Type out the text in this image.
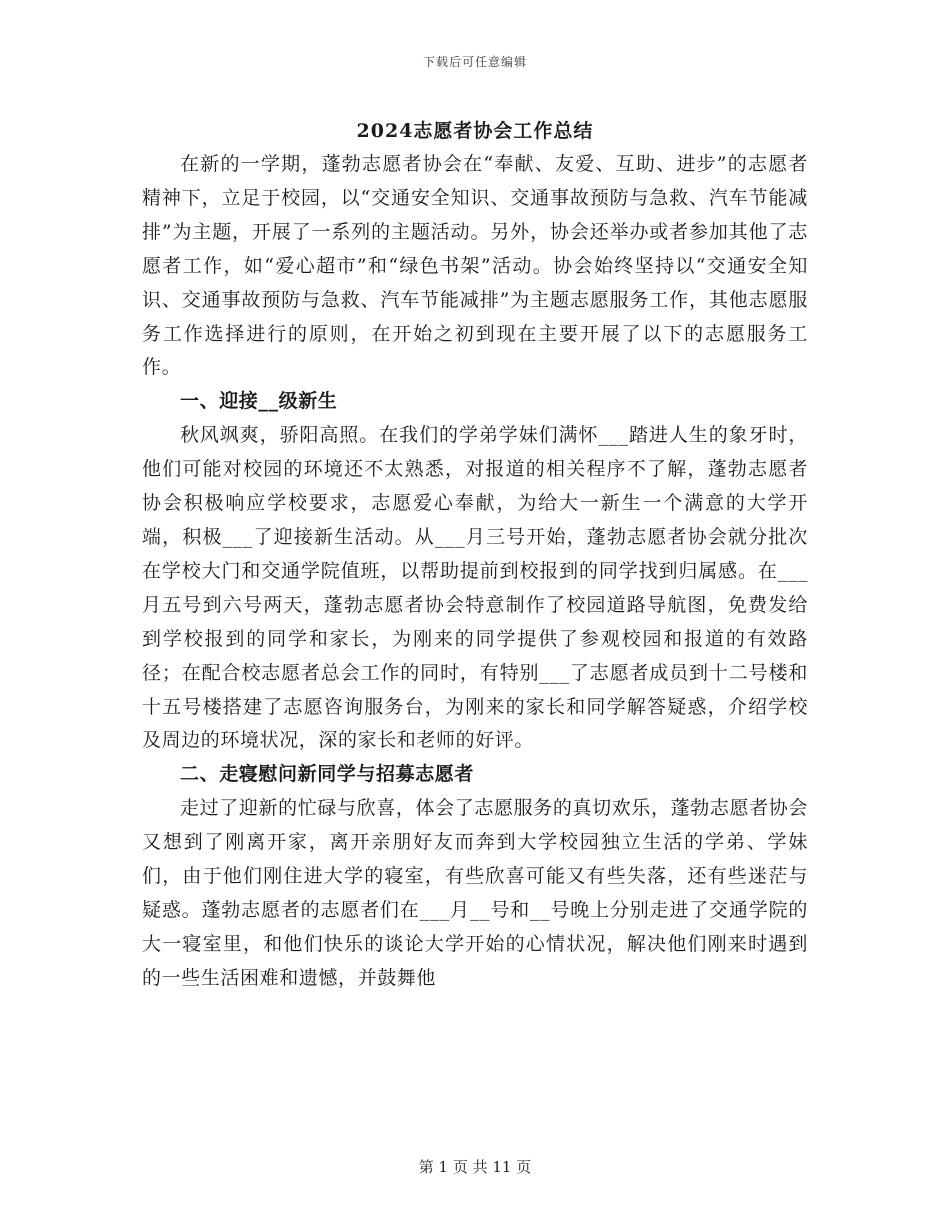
下载后可任意编辑
2024志愿者协会工作总结

在新的一学期，蓬勃志愿者协会在“奉献、友爱、互助、进步”的志愿者精神下，立足于校园，以“交通安全知识、交通事故预防与急救、汽车节能减排”为主题，开展了一系列的主题活动。另外，协会还举办或者参加其他了志愿者工作，如“爱心超市”和“绿色书架”活动。协会始终坚持以“交通安全知识、交通事故预防与急救、汽车节能减排”为主题志愿服务工作，其他志愿服务工作选择进行的原则，在开始之初到现在主要开展了以下的志愿服务工作。

一、迎接__级新生

秋风飒爽，骄阳高照。在我们的学弟学妹们满怀___踏进人生的象牙时，他们可能对校园的环境还不太熟悉，对报道的相关程序不了解，蓬勃志愿者协会积极响应学校要求，志愿爱心奉献，为给大一新生一个满意的大学开端，积极___了迎接新生活动。从___月三号开始，蓬勃志愿者协会就分批次在学校大门和交通学院值班，以帮助提前到校报到的同学找到归属感。在___月五号到六号两天，蓬勃志愿者协会特意制作了校园道路导航图，免费发给到学校报到的同学和家长，为刚来的同学提供了参观校园和报道的有效路径；在配合校志愿者总会工作的同时，有特别___了志愿者成员到十二号楼和十五号楼搭建了志愿咨询服务台，为刚来的家长和同学解答疑惑，介绍学校及周边的环境状况，深的家长和老师的好评。

二、走寝慰问新同学与招募志愿者

走过了迎新的忙碌与欣喜，体会了志愿服务的真切欢乐，蓬勃志愿者协会又想到了刚离开家，离开亲朋好友而奔到大学校园独立生活的学弟、学妹们，由于他们刚住进大学的寝室，有些欣喜可能又有些失落，还有些迷茫与疑惑。蓬勃志愿者的志愿者们在___月__号和__号晚上分别走进了交通学院的大一寝室里，和他们快乐的谈论大学开始的心情状况，解决他们刚来时遇到的一些生活困难和遗憾，并鼓舞他

第 1 页 共 11 页
